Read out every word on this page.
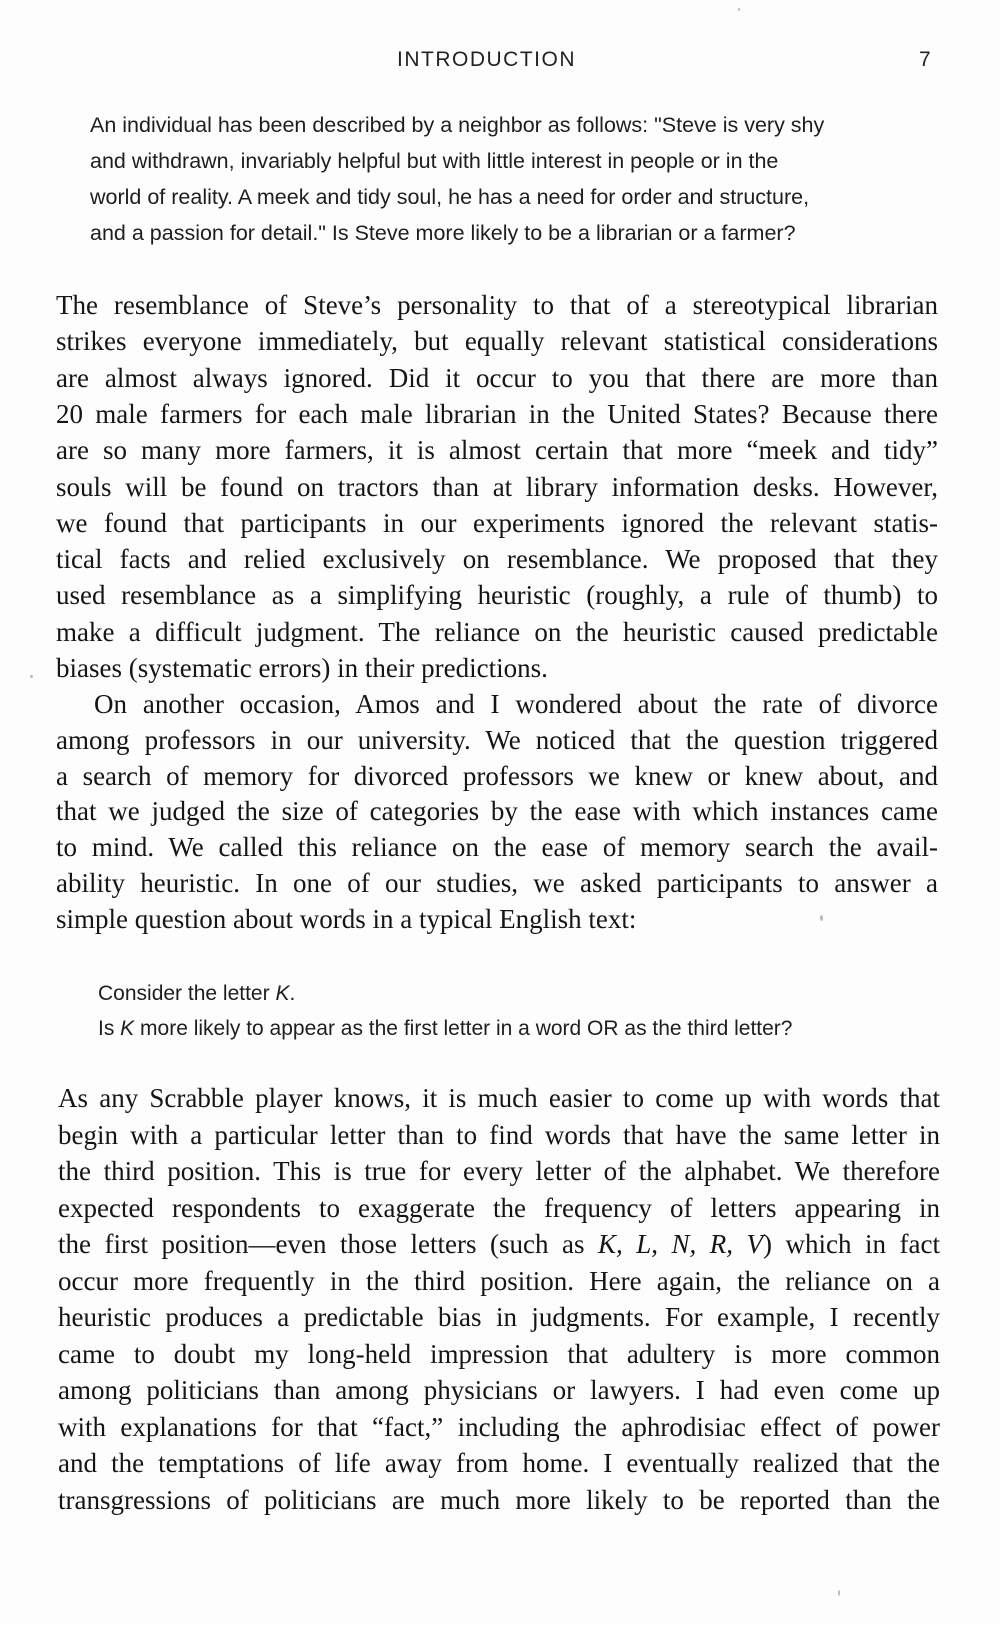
INTRODUCTION	7
An individual has been described by a neighbor as follows: "Steve is very shy
and withdrawn, invariably helpful but with little interest in people or in the
world of reality. A meek and tidy soul, he has a need for order and structure,
and a passion for detail." Is Steve more likely to be a librarian or a farmer?
The resemblance of Steve’s personality to that of a stereotypical librarian
strikes everyone immediately, but equally relevant statistical considerations
are almost always ignored. Did it occur to you that there are more than
20 male farmers for each male librarian in the United States? Because there
are so many more farmers, it is almost certain that more “meek and tidy”
souls will be found on tractors than at library information desks. However,
we found that participants in our experiments ignored the relevant statis-
tical facts and relied exclusively on resemblance. We proposed that they
used resemblance as a simplifying heuristic (roughly, a rule of thumb) to
make a difficult judgment. The reliance on the heuristic caused predictable
biases (systematic errors) in their predictions.
On another occasion, Amos and I wondered about the rate of divorce
among professors in our university. We noticed that the question triggered
a search of memory for divorced professors we knew or knew about, and
that we judged the size of categories by the ease with which instances came
to mind. We called this reliance on the ease of memory search the avail-
ability heuristic. In one of our studies, we asked participants to answer a
simple question about words in a typical English text:
Consider the letter K.
Is K more likely to appear as the first letter in a word OR as the third letter?
As any Scrabble player knows, it is much easier to come up with words that
begin with a particular letter than to find words that have the same letter in
the third position. This is true for every letter of the alphabet. We therefore
expected respondents to exaggerate the frequency of letters appearing in
the first position—even those letters (such as K, L, N, R, V) which in fact
occur more frequently in the third position. Here again, the reliance on a
heuristic produces a predictable bias in judgments. For example, I recently
came to doubt my long-held impression that adultery is more common
among politicians than among physicians or lawyers. I had even come up
with explanations for that “fact,” including the aphrodisiac effect of power
and the temptations of life away from home. I eventually realized that the
transgressions of politicians are much more likely to be reported than the
